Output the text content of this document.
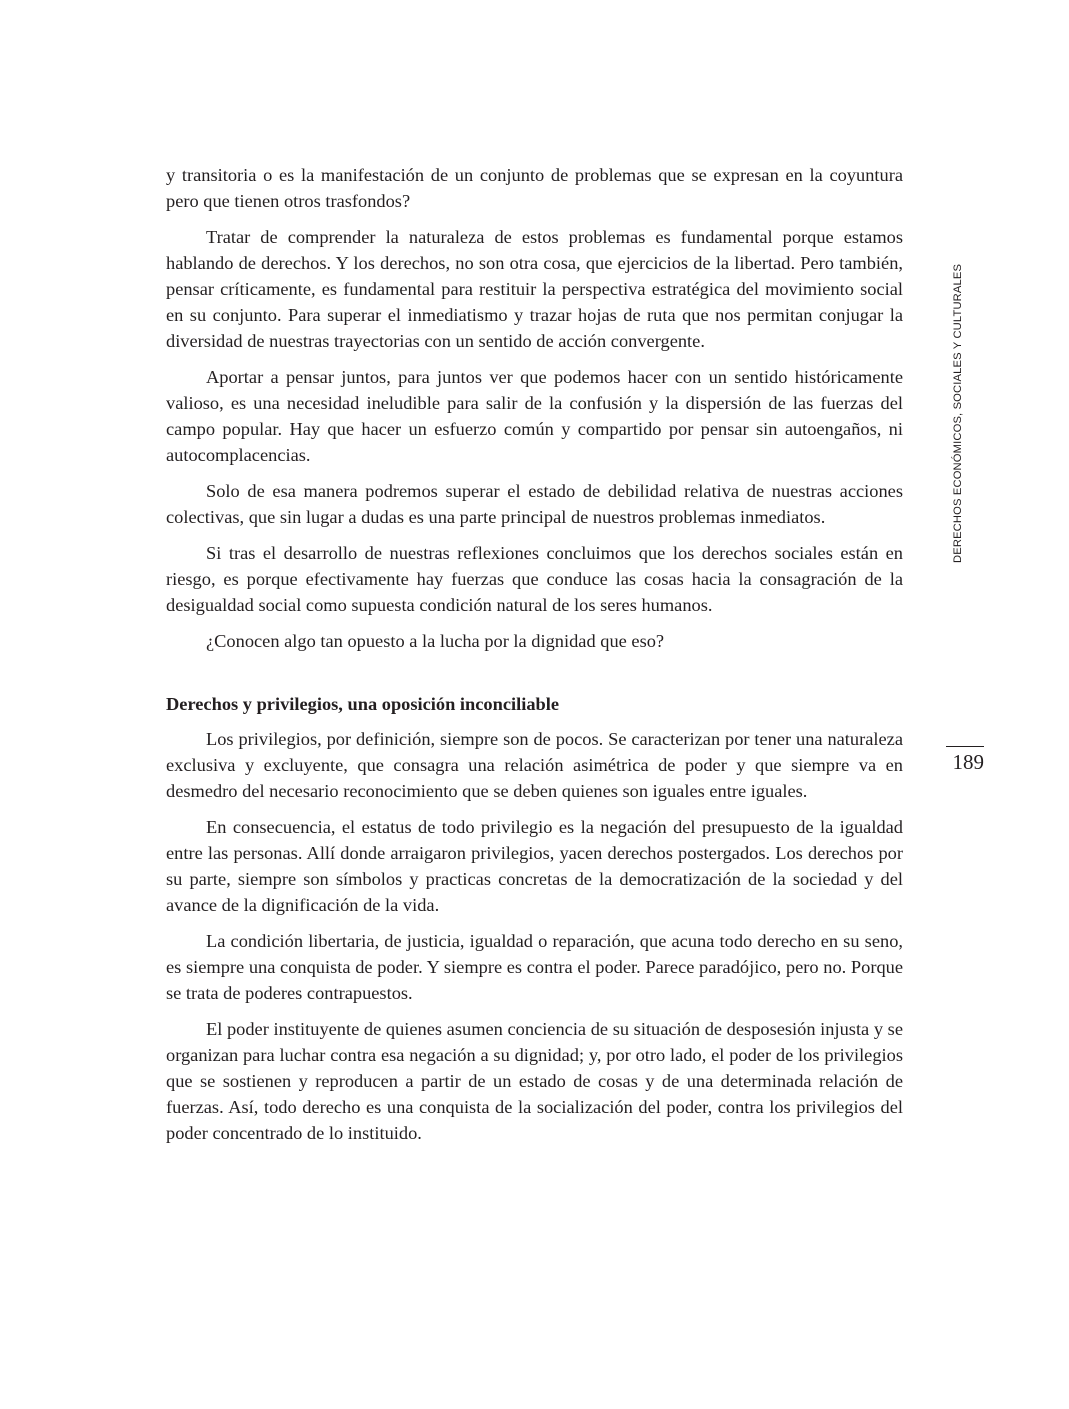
y transitoria o es la manifestación de un conjunto de problemas que se expresan en la coyuntura pero que tienen otros trasfondos?

Tratar de comprender la naturaleza de estos problemas es fundamental porque estamos hablando de derechos. Y los derechos, no son otra cosa, que ejercicios de la libertad. Pero también, pensar críticamente, es fundamental para restituir la perspectiva estratégica del movimiento social en su conjunto. Para superar el inmediatismo y trazar hojas de ruta que nos permitan conjugar la diversidad de nuestras trayectorias con un sentido de acción convergente.

Aportar a pensar juntos, para juntos ver que podemos hacer con un sentido históricamente valioso, es una necesidad ineludible para salir de la confusión y la dispersión de las fuerzas del campo popular. Hay que hacer un esfuerzo común y compartido por pensar sin autoengaños, ni autocomplacencias.

Solo de esa manera podremos superar el estado de debilidad relativa de nuestras acciones colectivas, que sin lugar a dudas es una parte principal de nuestros problemas inmediatos.

Si tras el desarrollo de nuestras reflexiones concluimos que los derechos sociales están en riesgo, es porque efectivamente hay fuerzas que conduce las cosas hacia la consagración de la desigualdad social como supuesta condición natural de los seres humanos.

¿Conocen algo tan opuesto a la lucha por la dignidad que eso?

Derechos y privilegios, una oposición inconciliable

Los privilegios, por definición, siempre son de pocos. Se caracterizan por tener una naturaleza exclusiva y excluyente, que consagra una relación asimétrica de poder y que siempre va en desmedro del necesario reconocimiento que se deben quienes son iguales entre iguales.

En consecuencia, el estatus de todo privilegio es la negación del presupuesto de la igualdad entre las personas. Allí donde arraigaron privilegios, yacen derechos postergados. Los derechos por su parte, siempre son símbolos y practicas concretas de la democratización de la sociedad y del avance de la dignificación de la vida.

La condición libertaria, de justicia, igualdad o reparación, que acuna todo derecho en su seno, es siempre una conquista de poder. Y siempre es contra el poder. Parece paradójico, pero no. Porque se trata de poderes contrapuestos.

El poder instituyente de quienes asumen conciencia de su situación de desposesión injusta y se organizan para luchar contra esa negación a su dignidad; y, por otro lado, el poder de los privilegios que se sostienen y reproducen a partir de un estado de cosas y de una determinada relación de fuerzas. Así, todo derecho es una conquista de la socialización del poder, contra los privilegios del poder concentrado de lo instituido.

DERECHOS ECONÓMICOS, SOCIALES Y CULTURALES
189
